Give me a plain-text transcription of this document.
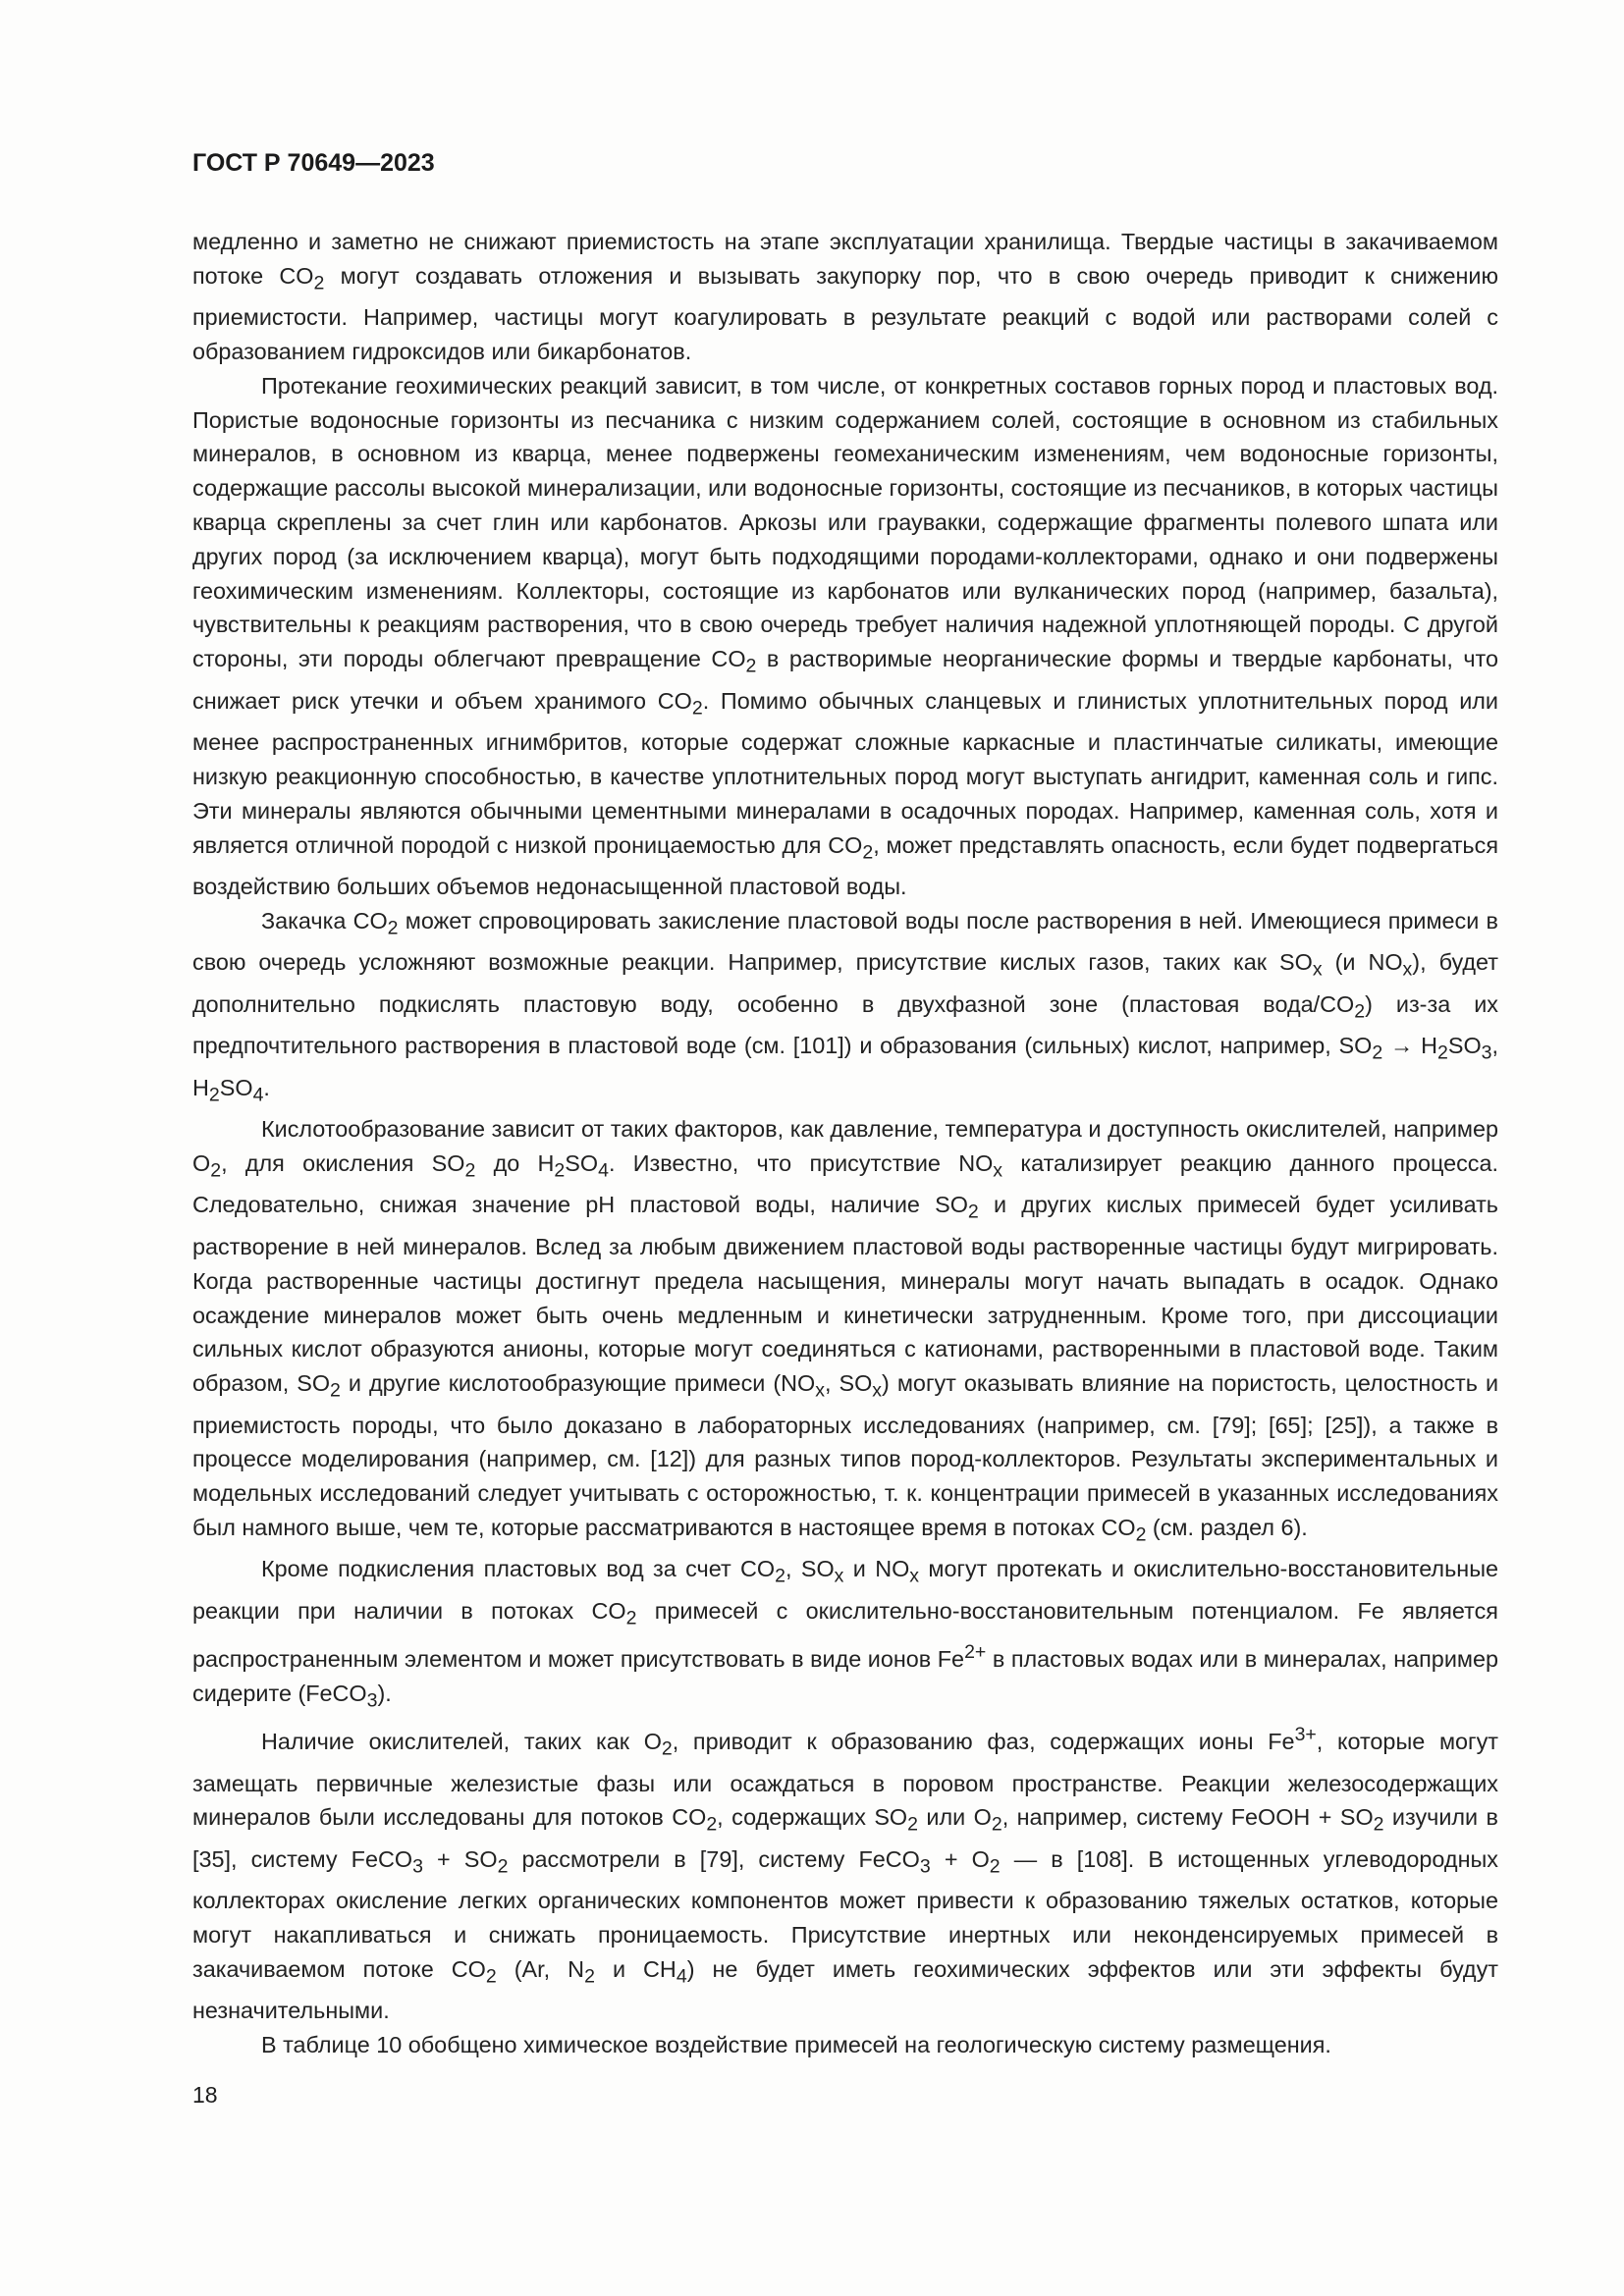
ГОСТ Р 70649—2023

медленно и заметно не снижают приемистость на этапе эксплуатации хранилища. Твердые частицы в закачиваемом потоке $CO_2$ могут создавать отложения и вызывать закупорку пор, что в свою очередь приводит к снижению приемистости. Например, частицы могут коагулировать в результате реакций с водой или растворами солей с образованием гидроксидов или бикарбонатов.

Протекание геохимических реакций зависит, в том числе, от конкретных составов горных пород и пластовых вод. Пористые водоносные горизонты из песчаника с низким содержанием солей, состоящие в основном из стабильных минералов, в основном из кварца, менее подвержены геомеханическим изменениям, чем водоносные горизонты, содержащие рассолы высокой минерализации, или водоносные горизонты, состоящие из песчаников, в которых частицы кварца скреплены за счет глин или карбонатов. Аркозы или граувакки, содержащие фрагменты полевого шпата или других пород (за исключением кварца), могут быть подходящими породами-коллекторами, однако и они подвержены геохимическим изменениям. Коллекторы, состоящие из карбонатов или вулканических пород (например, базальта), чувствительны к реакциям растворения, что в свою очередь требует наличия надежной уплотняющей породы. С другой стороны, эти породы облегчают превращение $CO_2$ в растворимые неорганические формы и твердые карбонаты, что снижает риск утечки и объем хранимого $CO_2$. Помимо обычных сланцевых и глинистых уплотнительных пород или менее распространенных игнимбритов, которые содержат сложные каркасные и пластинчатые силикаты, имеющие низкую реакционную способностью, в качестве уплотнительных пород могут выступать ангидрит, каменная соль и гипс. Эти минералы являются обычными цементными минералами в осадочных породах. Например, каменная соль, хотя и является отличной породой с низкой проницаемостью для $CO_2$, может представлять опасность, если будет подвергаться воздействию больших объемов недонасыщенной пластовой воды.

Закачка $CO_2$ может спровоцировать закисление пластовой воды после растворения в ней. Имеющиеся примеси в свою очередь усложняют возможные реакции. Например, присутствие кислых газов, таких как $SO_x$ (и $NO_x$), будет дополнительно подкислять пластовую воду, особенно в двухфазной зоне (пластовая вода/$CO_2$) из-за их предпочтительного растворения в пластовой воде (см. [101]) и образования (сильных) кислот, например, $SO_2 \to H_2SO_3$, $H_2SO_4$.

Кислотообразование зависит от таких факторов, как давление, температура и доступность окислителей, например $O_2$, для окисления $SO_2$ до $H_2SO_4$. Известно, что присутствие $NO_x$ катализирует реакцию данного процесса. Следовательно, снижая значение pH пластовой воды, наличие $SO_2$ и других кислых примесей будет усиливать растворение в ней минералов. Вслед за любым движением пластовой воды растворенные частицы будут мигрировать. Когда растворенные частицы достигнут предела насыщения, минералы могут начать выпадать в осадок. Однако осаждение минералов может быть очень медленным и кинетически затрудненным. Кроме того, при диссоциации сильных кислот образуются анионы, которые могут соединяться с катионами, растворенными в пластовой воде. Таким образом, $SO_2$ и другие кислотообразующие примеси ($NO_x$, $SO_x$) могут оказывать влияние на пористость, целостность и приемистость породы, что было доказано в лабораторных исследованиях (например, см. [79]; [65]; [25]), а также в процессе моделирования (например, см. [12]) для разных типов пород-коллекторов. Результаты экспериментальных и модельных исследований следует учитывать с осторожностью, т. к. концентрации примесей в указанных исследованиях был намного выше, чем те, которые рассматриваются в настоящее время в потоках $CO_2$ (см. раздел 6).

Кроме подкисления пластовых вод за счет $CO_2$, $SO_x$ и $NO_x$ могут протекать и окислительно-восстановительные реакции при наличии в потоках $CO_2$ примесей с окислительно-восстановительным потенциалом. Fe является распространенным элементом и может присутствовать в виде ионов $Fe^{2+}$ в пластовых водах или в минералах, например сидерите (FeCO$_3$).

Наличие окислителей, таких как $O_2$, приводит к образованию фаз, содержащих ионы $Fe^{3+}$, которые могут замещать первичные железистые фазы или осаждаться в поровом пространстве. Реакции железосодержащих минералов были исследованы для потоков $CO_2$, содержащих $SO_2$ или $O_2$, например, систему FeOOH + $SO_2$ изучили в [35], систему FeCO$_3$ + $SO_2$ рассмотрели в [79], систему FeCO$_3$ + $O_2$ — в [108]. В истощенных углеводородных коллекторах окисление легких органических компонентов может привести к образованию тяжелых остатков, которые могут накапливаться и снижать проницаемость. Присутствие инертных или неконденсируемых примесей в закачиваемом потоке $CO_2$ (Ar, $N_2$ и $CH_4$) не будет иметь геохимических эффектов или эти эффекты будут незначительными.

В таблице 10 обобщено химическое воздействие примесей на геологическую систему размещения.

18
